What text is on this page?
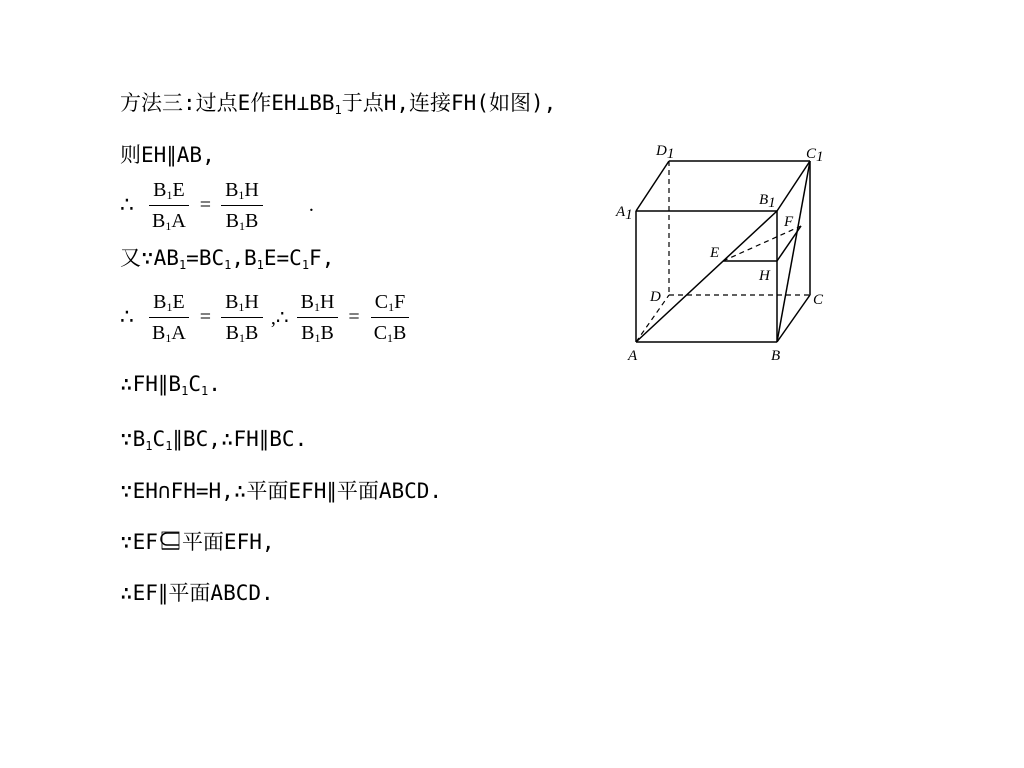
方法三:过点E作$EH\perp BB_1$于点H,连接FH(如图),
则EH∥AB,
∴ $\frac{B_1E}{B_1A} = \frac{B_1H}{B_1B}$ .
又$\because AB_1=BC_1,B_1E=C_1F$,
∴ $\frac{B_1E}{B_1A} = \frac{B_1H}{B_1B}$ ,∴ $\frac{B_1H}{B_1B} = \frac{C_1F}{C_1B}$
$\therefore FH\parallel B_1C_1$.
$\because B_1C_1\parallel BC,\therefore FH\parallel BC$.
∵EH∩FH=H,∴平面EFH∥平面ABCD.
∵EF 平面EFH,
∴EF∥平面ABCD.
D1	C1
A1
B1
E
F
H
D	C
A	B
